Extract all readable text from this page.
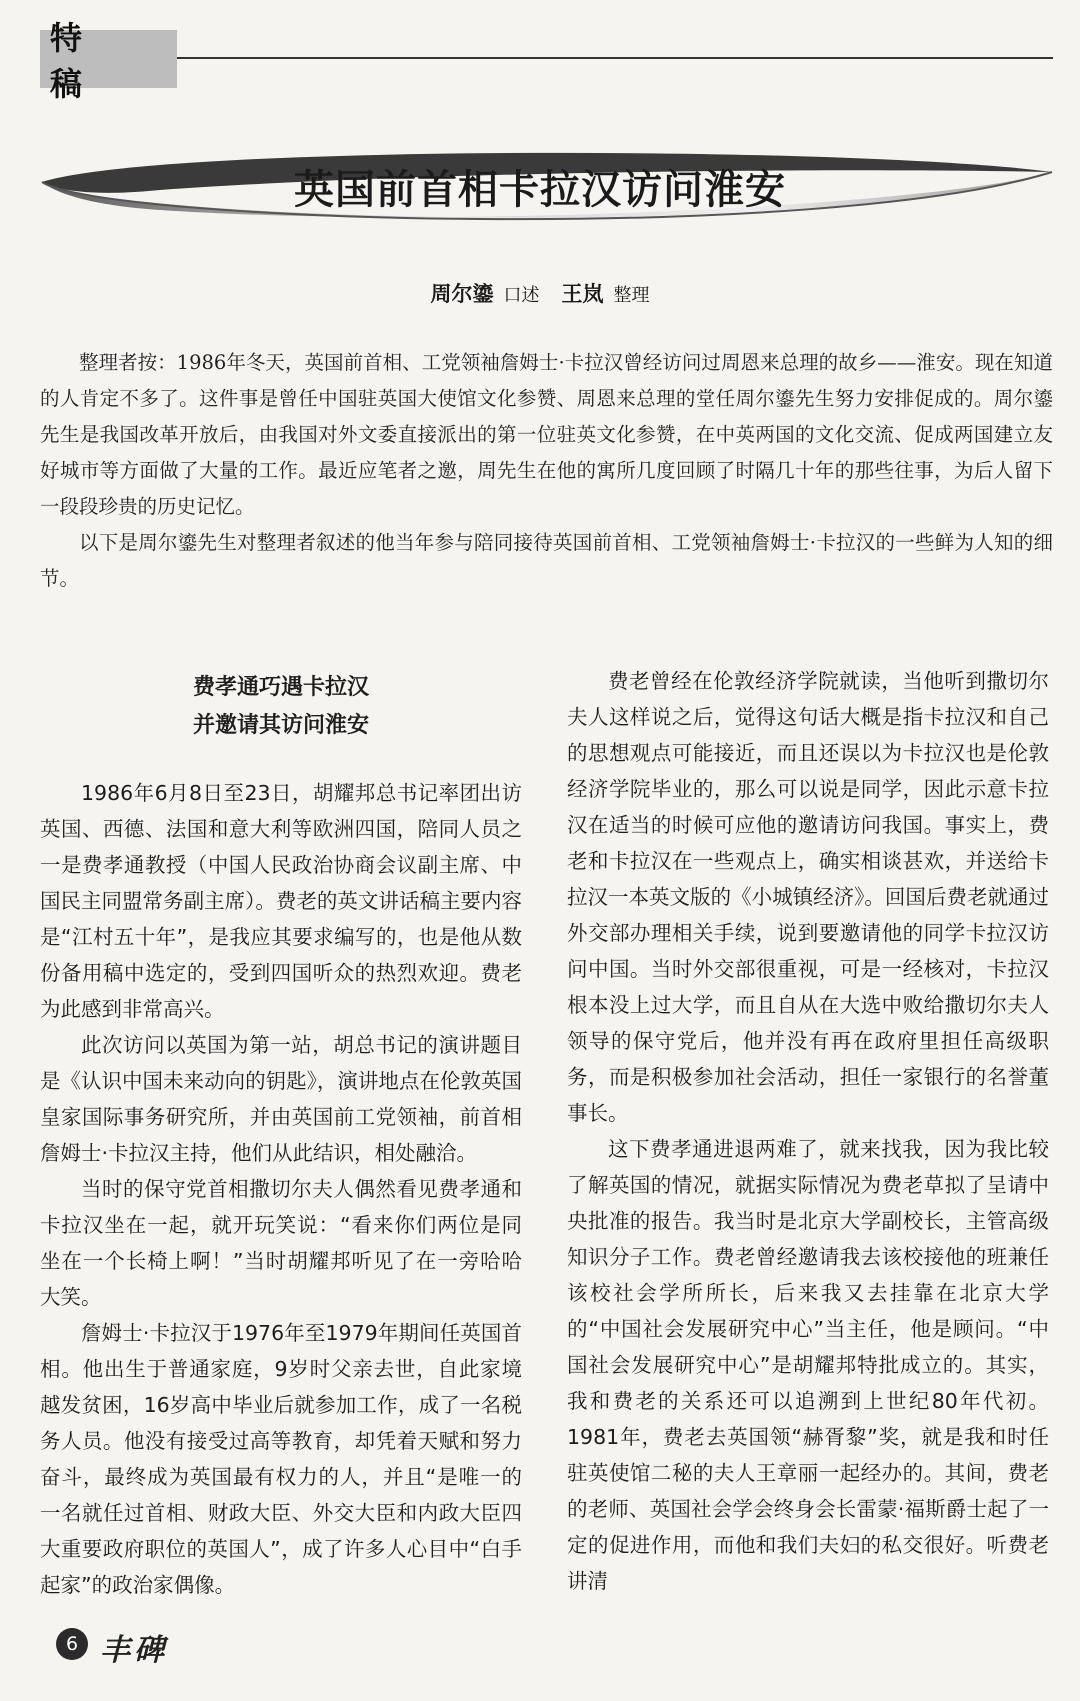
特 稿
英国前首相卡拉汉访问淮安
周尔鎏 口述 王岚 整理

整理者按：1986年冬天，英国前首相、工党领袖詹姆士·卡拉汉曾经访问过周恩来总理的故乡——淮安。现在知道的人肯定不多了。这件事是曾任中国驻英国大使馆文化参赞、周恩来总理的堂任周尔鎏先生努力安排促成的。周尔鎏先生是我国改革开放后，由我国对外文委直接派出的第一位驻英文化参赞，在中英两国的文化交流、促成两国建立友好城市等方面做了大量的工作。最近应笔者之邀，周先生在他的寓所几度回顾了时隔几十年的那些往事，为后人留下一段段珍贵的历史记忆。

以下是周尔鎏先生对整理者叙述的他当年参与陪同接待英国前首相、工党领袖詹姆士·卡拉汉的一些鲜为人知的细节。

费孝通巧遇卡拉汉
并邀请其访问淮安

1986年6月8日至23日，胡耀邦总书记率团出访英国、西德、法国和意大利等欧洲四国，陪同人员之一是费孝通教授（中国人民政治协商会议副主席、中国民主同盟常务副主席）。费老的英文讲话稿主要内容是“江村五十年”，是我应其要求编写的，也是他从数份备用稿中选定的，受到四国听众的热烈欢迎。费老为此感到非常高兴。

此次访问以英国为第一站，胡总书记的演讲题目是《认识中国未来动向的钥匙》，演讲地点在伦敦英国皇家国际事务研究所，并由英国前工党领袖，前首相詹姆士·卡拉汉主持，他们从此结识，相处融洽。

当时的保守党首相撒切尔夫人偶然看见费孝通和卡拉汉坐在一起，就开玩笑说：“看来你们两位是同坐在一个长椅上啊！”当时胡耀邦听见了在一旁哈哈大笑。

詹姆士·卡拉汉于1976年至1979年期间任英国首相。他出生于普通家庭，9岁时父亲去世，自此家境越发贫困，16岁高中毕业后就参加工作，成了一名税务人员。他没有接受过高等教育，却凭着天赋和努力奋斗，最终成为英国最有权力的人，并且“是唯一的一名就任过首相、财政大臣、外交大臣和内政大臣四大重要政府职位的英国人”，成了许多人心目中“白手起家”的政治家偶像。

费老曾经在伦敦经济学院就读，当他听到撒切尔夫人这样说之后，觉得这句话大概是指卡拉汉和自己的思想观点可能接近，而且还误以为卡拉汉也是伦敦经济学院毕业的，那么可以说是同学，因此示意卡拉汉在适当的时候可应他的邀请访问我国。事实上，费老和卡拉汉在一些观点上，确实相谈甚欢，并送给卡拉汉一本英文版的《小城镇经济》。回国后费老就通过外交部办理相关手续，说到要邀请他的同学卡拉汉访问中国。当时外交部很重视，可是一经核对，卡拉汉根本没上过大学，而且自从在大选中败给撒切尔夫人领导的保守党后，他并没有再在政府里担任高级职务，而是积极参加社会活动，担任一家银行的名誉董事长。

这下费孝通进退两难了，就来找我，因为我比较了解英国的情况，就据实际情况为费老草拟了呈请中央批准的报告。我当时是北京大学副校长，主管高级知识分子工作。费老曾经邀请我去该校接他的班兼任该校社会学所所长，后来我又去挂靠在北京大学的“中国社会发展研究中心”当主任，他是顾问。“中国社会发展研究中心”是胡耀邦特批成立的。其实，我和费老的关系还可以追溯到上世纪80年代初。1981年，费老去英国领“赫胥黎”奖，就是我和时任驻英使馆二秘的夫人王章丽一起经办的。其间，费老的老师、英国社会学会终身会长雷蒙·福斯爵士起了一定的促进作用，而他和我们夫妇的私交很好。听费老讲清

6 丰碑
